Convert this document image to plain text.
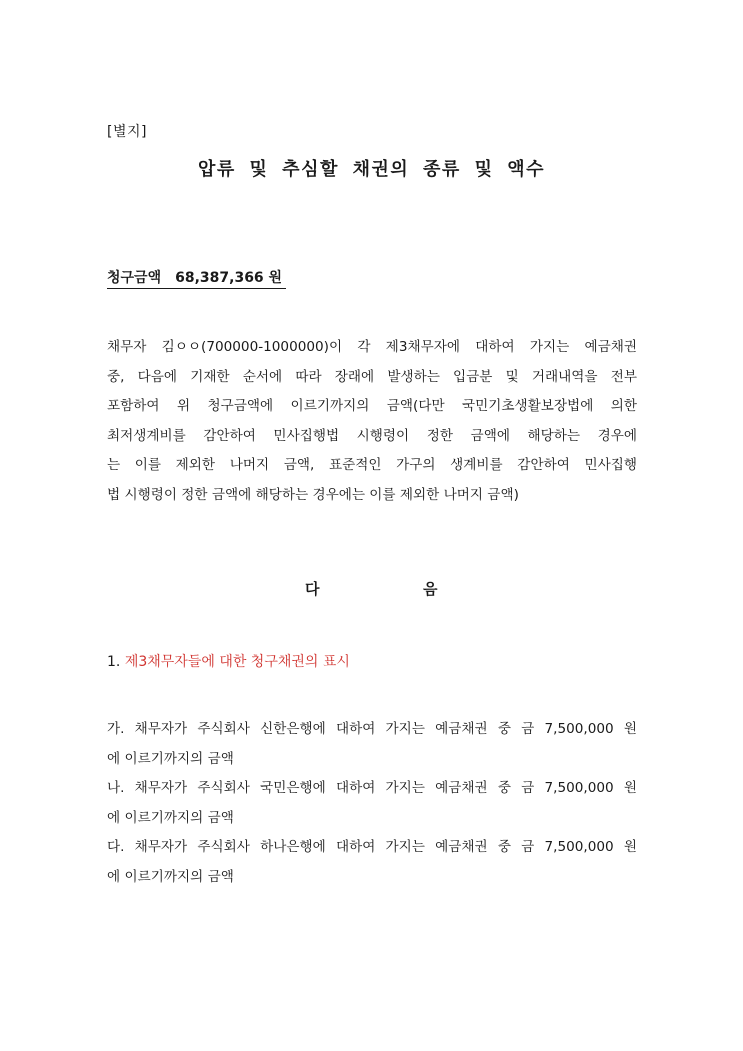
[별지]
압류 및 추심할 채권의 종류 및 액수
청구금액 68,387,366 원
채무자 김ㅇㅇ(700000-1000000)이 각 제3채무자에 대하여 가지는 예금채권
중, 다음에 기재한 순서에 따라 장래에 발생하는 입금분 및 거래내역을 전부
포함하여 위 청구금액에 이르기까지의 금액(다만 국민기초생활보장법에 의한
최저생계비를 감안하여 민사집행법 시행령이 정한 금액에 해당하는 경우에
는 이를 제외한 나머지 금액, 표준적인 가구의 생계비를 감안하여 민사집행
법 시행령이 정한 금액에 해당하는 경우에는 이를 제외한 나머지 금액)
다	음
1. 제3채무자들에 대한 청구채권의 표시
가. 채무자가 주식회사 신한은행에 대하여 가지는 예금채권 중 금 7,500,000 원
에 이르기까지의 금액
나. 채무자가 주식회사 국민은행에 대하여 가지는 예금채권 중 금 7,500,000 원
에 이르기까지의 금액
다. 채무자가 주식회사 하나은행에 대하여 가지는 예금채권 중 금 7,500,000 원
에 이르기까지의 금액
